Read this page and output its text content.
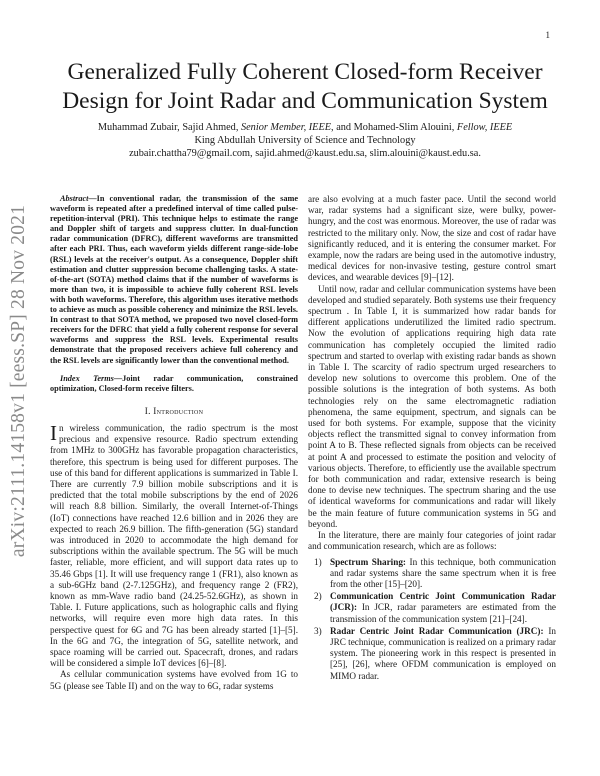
1
arXiv:2111.14158v1 [eess.SP] 28 Nov 2021
Generalized Fully Coherent Closed-form Receiver Design for Joint Radar and Communication System
Muhammad Zubair, Sajid Ahmed, Senior Member, IEEE, and Mohamed-Slim Alouini, Fellow, IEEE
King Abdullah University of Science and Technology
zubair.chattha79@gmail.com, sajid.ahmed@kaust.edu.sa, slim.alouini@kaust.edu.sa.

Abstract—In conventional radar, the transmission of the same waveform is repeated after a predefined interval of time called pulse-repetition-interval (PRI). This technique helps to estimate the range and Doppler shift of targets and suppress clutter. In dual-function radar communication (DFRC), different waveforms are transmitted after each PRI. Thus, each waveform yields different range-side-lobe (RSL) levels at the receiver's output. As a consequence, Doppler shift estimation and clutter suppression become challenging tasks. A state-of-the-art (SOTA) method claims that if the number of waveforms is more than two, it is impossible to achieve fully coherent RSL levels with both waveforms. Therefore, this algorithm uses iterative methods to achieve as much as possible coherency and minimize the RSL levels. In contrast to that SOTA method, we proposed two novel closed-form receivers for the DFRC that yield a fully coherent response for several waveforms and suppress the RSL levels. Experimental results demonstrate that the proposed receivers achieve full coherency and the RSL levels are significantly lower than the conventional method.

Index Terms—Joint radar communication, constrained optimization, Closed-form receive filters.

I. Introduction

In wireless communication, the radio spectrum is the most precious and expensive resource. Radio spectrum extending from 1MHz to 300GHz has favorable propagation characteristics, therefore, this spectrum is being used for different purposes. The use of this band for different applications is summarized in Table I. There are currently 7.9 billion mobile subscriptions and it is predicted that the total mobile subscriptions by the end of 2026 will reach 8.8 billion. Similarly, the overall Internet-of-Things (IoT) connections have reached 12.6 billion and in 2026 they are expected to reach 26.9 billion. The fifth-generation (5G) standard was introduced in 2020 to accommodate the high demand for subscriptions within the available spectrum. The 5G will be much faster, reliable, more efficient, and will support data rates up to 35.46 Gbps [1]. It will use frequency range 1 (FR1), also known as a sub-6GHz band (2-7.125GHz), and frequency range 2 (FR2), known as mm-Wave radio band (24.25-52.6GHz), as shown in Table. I. Future applications, such as holographic calls and flying networks, will require even more high data rates. In this perspective quest for 6G and 7G has been already started [1]–[5]. In the 6G and 7G, the integration of 5G, satellite network, and space roaming will be carried out. Spacecraft, drones, and radars will be considered a simple IoT devices [6]–[8].

As cellular communication systems have evolved from 1G to 5G (please see Table II) and on the way to 6G, radar systems

are also evolving at a much faster pace. Until the second world war, radar systems had a significant size, were bulky, power-hungry, and the cost was enormous. Moreover, the use of radar was restricted to the military only. Now, the size and cost of radar have significantly reduced, and it is entering the consumer market. For example, now the radars are being used in the automotive industry, medical devices for non-invasive testing, gesture control smart devices, and wearable devices [9]–[12].

Until now, radar and cellular communication systems have been developed and studied separately. Both systems use their frequency spectrum . In Table I, it is summarized how radar bands for different applications underutilized the limited radio spectrum. Now the evolution of applications requiring high data rate communication has completely occupied the limited radio spectrum and started to overlap with existing radar bands as shown in Table I. The scarcity of radio spectrum urged researchers to develop new solutions to overcome this problem. One of the possible solutions is the integration of both systems. As both technologies rely on the same electromagnetic radiation phenomena, the same equipment, spectrum, and signals can be used for both systems. For example, suppose that the vicinity objects reflect the transmitted signal to convey information from point A to B. These reflected signals from objects can be received at point A and processed to estimate the position and velocity of various objects. Therefore, to efficiently use the available spectrum for both communication and radar, extensive research is being done to devise new techniques. The spectrum sharing and the use of identical waveforms for communications and radar will likely be the main feature of future communication systems in 5G and beyond.

In the literature, there are mainly four categories of joint radar and communication research, which are as follows:

1) Spectrum Sharing: In this technique, both communication and radar systems share the same spectrum when it is free from the other [15]–[20].
2) Communication Centric Joint Communication Radar (JCR): In JCR, radar parameters are estimated from the transmission of the communication system [21]–[24].
3) Radar Centric Joint Radar Communication (JRC): In JRC technique, communication is realized on a primary radar system. The pioneering work in this respect is presented in [25], [26], where OFDM communication is employed on MIMO radar.
